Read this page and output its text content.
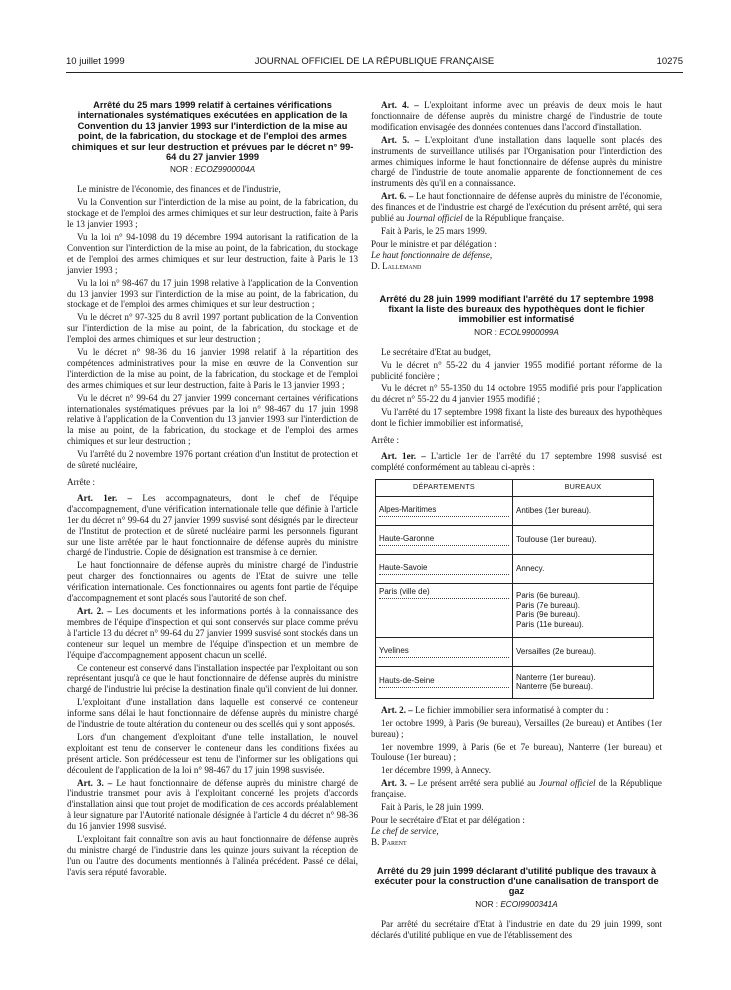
10 juillet 1999	JOURNAL OFFICIEL DE LA RÉPUBLIQUE FRANÇAISE	10275
Arrêté du 25 mars 1999 relatif à certaines vérifications internationales systématiques exécutées en application de la Convention du 13 janvier 1993 sur l'interdiction de la mise au point, de la fabrication, du stockage et de l'emploi des armes chimiques et sur leur destruction et prévues par le décret n° 99-64 du 27 janvier 1999
NOR : ECOZ9900004A

Le ministre de l'économie, des finances et de l'industrie,

Vu la Convention sur l'interdiction de la mise au point, de la fabrication, du stockage et de l'emploi des armes chimiques et sur leur destruction, faite à Paris le 13 janvier 1993 ;

Vu la loi n° 94-1098 du 19 décembre 1994 autorisant la ratification de la Convention sur l'interdiction de la mise au point, de la fabrication, du stockage et de l'emploi des armes chimiques et sur leur destruction, faite à Paris le 13 janvier 1993 ;

Vu la loi n° 98-467 du 17 juin 1998 relative à l'application de la Convention du 13 janvier 1993 sur l'interdiction de la mise au point, de la fabrication, du stockage et de l'emploi des armes chimiques et sur leur destruction ;

Vu le décret n° 97-325 du 8 avril 1997 portant publication de la Convention sur l'interdiction de la mise au point, de la fabrication, du stockage et de l'emploi des armes chimiques et sur leur destruction ;

Vu le décret n° 98-36 du 16 janvier 1998 relatif à la répartition des compétences administratives pour la mise en œuvre de la Convention sur l'interdiction de la mise au point, de la fabrication, du stockage et de l'emploi des armes chimiques et sur leur destruction, faite à Paris le 13 janvier 1993 ;

Vu le décret n° 99-64 du 27 janvier 1999 concernant certaines vérifications internationales systématiques prévues par la loi n° 98-467 du 17 juin 1998 relative à l'application de la Convention du 13 janvier 1993 sur l'interdiction de la mise au point, de la fabrication, du stockage et de l'emploi des armes chimiques et sur leur destruction ;

Vu l'arrêté du 2 novembre 1976 portant création d'un Institut de protection et de sûreté nucléaire,

Arrête :

Art. 1er. – Les accompagnateurs, dont le chef de l'équipe d'accompagnement, d'une vérification internationale telle que définie à l'article 1er du décret n° 99-64 du 27 janvier 1999 susvisé sont désignés par le directeur de l'Institut de protection et de sûreté nucléaire parmi les personnels figurant sur une liste arrêtée par le haut fonctionnaire de défense auprès du ministre chargé de l'industrie. Copie de désignation est transmise à ce dernier.

Le haut fonctionnaire de défense auprès du ministre chargé de l'industrie peut charger des fonctionnaires ou agents de l'Etat de suivre une telle vérification internationale. Ces fonctionnaires ou agents font partie de l'équipe d'accompagnement et sont placés sous l'autorité de son chef.

Art. 2. – Les documents et les informations portés à la connaissance des membres de l'équipe d'inspection et qui sont conservés sur place comme prévu à l'article 13 du décret n° 99-64 du 27 janvier 1999 susvisé sont stockés dans un conteneur sur lequel un membre de l'équipe d'inspection et un membre de l'équipe d'accompagnement apposent chacun un scellé.

Ce conteneur est conservé dans l'installation inspectée par l'exploitant ou son représentant jusqu'à ce que le haut fonctionnaire de défense auprès du ministre chargé de l'industrie lui précise la destination finale qu'il convient de lui donner.

L'exploitant d'une installation dans laquelle est conservé ce conteneur informe sans délai le haut fonctionnaire de défense auprès du ministre chargé de l'industrie de toute altération du conteneur ou des scellés qui y sont apposés.

Lors d'un changement d'exploitant d'une telle installation, le nouvel exploitant est tenu de conserver le conteneur dans les conditions fixées au présent article. Son prédécesseur est tenu de l'informer sur les obligations qui découlent de l'application de la loi n° 98-467 du 17 juin 1998 susvisée.

Art. 3. – Le haut fonctionnaire de défense auprès du ministre chargé de l'industrie transmet pour avis à l'exploitant concerné les projets d'accords d'installation ainsi que tout projet de modification de ces accords préalablement à leur signature par l'Autorité nationale désignée à l'article 4 du décret n° 98-36 du 16 janvier 1998 susvisé.

L'exploitant fait connaître son avis au haut fonctionnaire de défense auprès du ministre chargé de l'industrie dans les quinze jours suivant la réception de l'un ou l'autre des documents mentionnés à l'alinéa précédent. Passé ce délai, l'avis sera réputé favorable.

Art. 4. – L'exploitant informe avec un préavis de deux mois le haut fonctionnaire de défense auprès du ministre chargé de l'industrie de toute modification envisagée des données contenues dans l'accord d'installation.

Art. 5. – L'exploitant d'une installation dans laquelle sont placés des instruments de surveillance utilisés par l'Organisation pour l'interdiction des armes chimiques informe le haut fonctionnaire de défense auprès du ministre chargé de l'industrie de toute anomalie apparente de fonctionnement de ces instruments dès qu'il en a connaissance.

Art. 6. – Le haut fonctionnaire de défense auprès du ministre de l'économie, des finances et de l'industrie est chargé de l'exécution du présent arrêté, qui sera publié au Journal officiel de la République française.

Fait à Paris, le 25 mars 1999.

Pour le ministre et par délégation :

Le haut fonctionnaire de défense,

D. Lallemand

Arrêté du 28 juin 1999 modifiant l'arrêté du 17 septembre 1998 fixant la liste des bureaux des hypothèques dont le fichier immobilier est informatisé
NOR : ECOL9900099A

Le secrétaire d'Etat au budget,

Vu le décret n° 55-22 du 4 janvier 1955 modifié portant réforme de la publicité foncière ;

Vu le décret n° 55-1350 du 14 octobre 1955 modifié pris pour l'application du décret n° 55-22 du 4 janvier 1955 modifié ;

Vu l'arrêté du 17 septembre 1998 fixant la liste des bureaux des hypothèques dont le fichier immobilier est informatisé,

Arrête :

Art. 1er. – L'article 1er de l'arrêté du 17 septembre 1998 susvisé est complété conformément au tableau ci-après :

DÉPARTEMENTS	BUREAUX

Alpes-Maritimes	Antibes (1er bureau).

Haute-Garonne	Toulouse (1er bureau).

Haute-Savoie	Annecy.

Paris (ville de)	Paris (6e bureau).
Paris (7e bureau).
Paris (9e bureau).
Paris (11e bureau).

Yvelines	Versailles (2e bureau).

Hauts-de-Seine	Nanterre (1er bureau).
Nanterre (5e bureau).

Art. 2. – Le fichier immobilier sera informatisé à compter du :

1er octobre 1999, à Paris (9e bureau), Versailles (2e bureau) et Antibes (1er bureau) ;

1er novembre 1999, à Paris (6e et 7e bureau), Nanterre (1er bureau) et Toulouse (1er bureau) ;

1er décembre 1999, à Annecy.

Art. 3. – Le présent arrêté sera publié au Journal officiel de la République française.

Fait à Paris, le 28 juin 1999.

Pour le secrétaire d'Etat et par délégation :

Le chef de service,

B. Parent

Arrêté du 29 juin 1999 déclarant d'utilité publique des travaux à exécuter pour la construction d'une canalisation de transport de gaz
NOR : ECOI9900341A

Par arrêté du secrétaire d'Etat à l'industrie en date du 29 juin 1999, sont déclarés d'utilité publique en vue de l'établissement des
